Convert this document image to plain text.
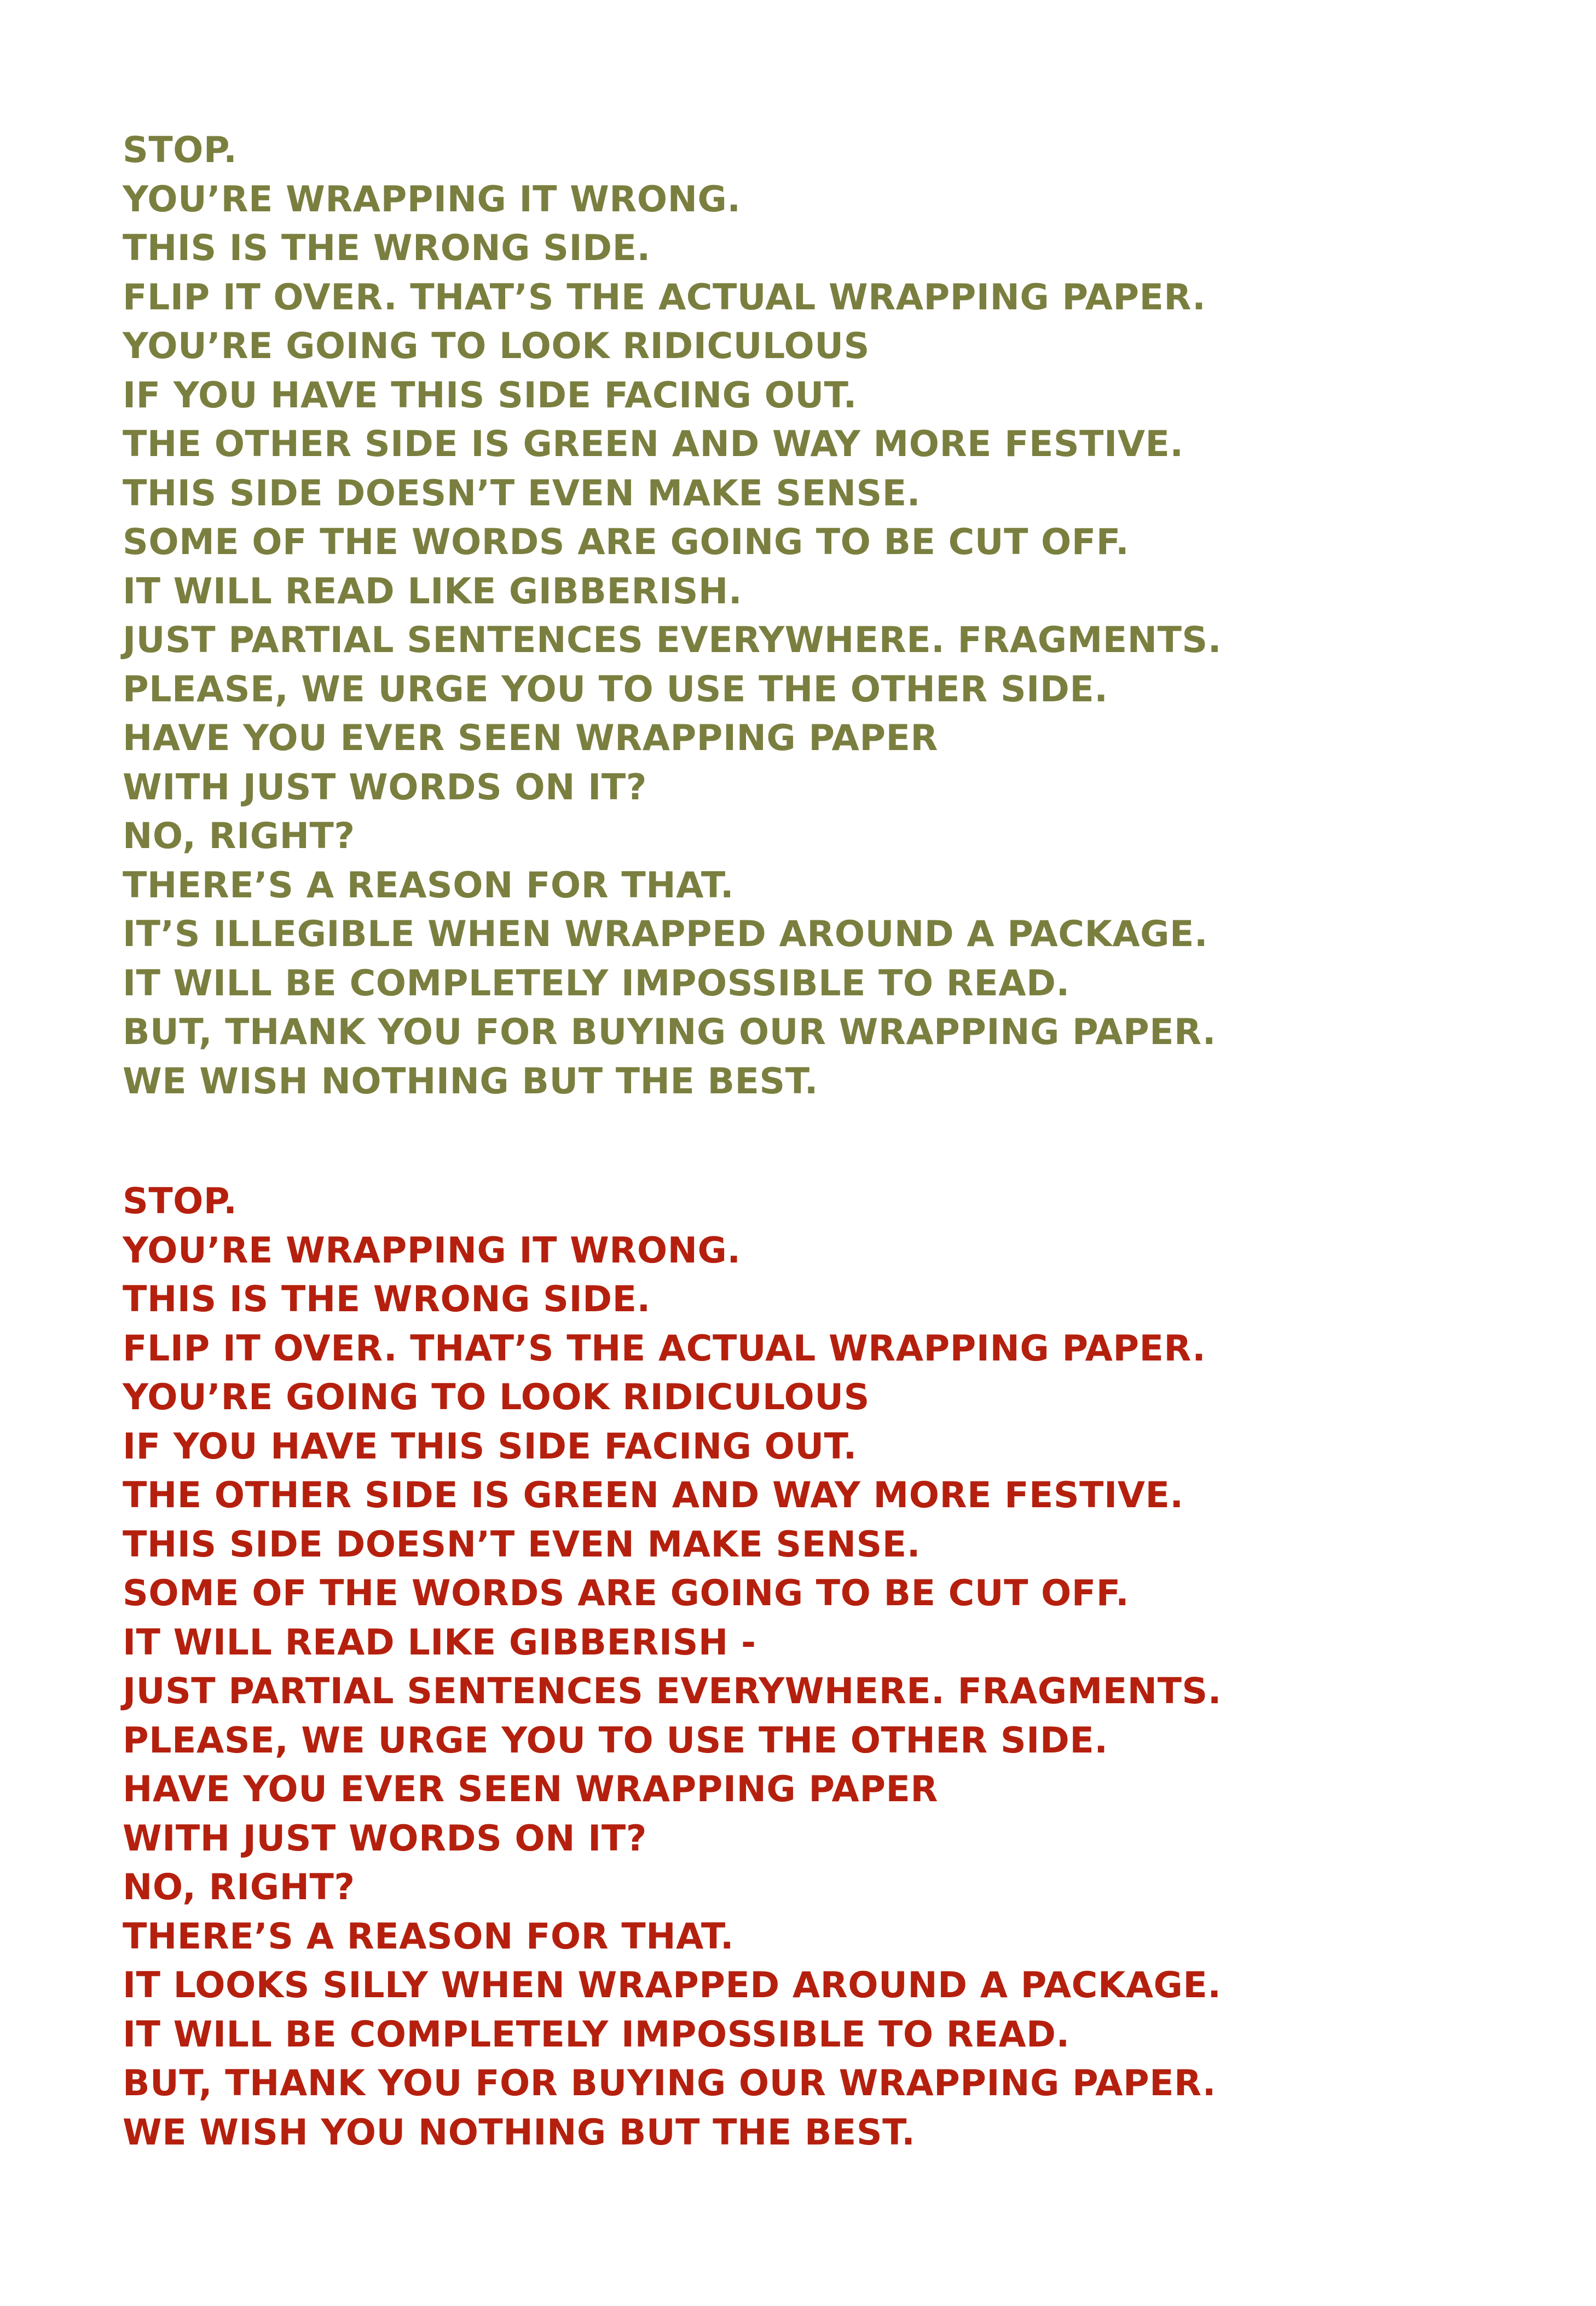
STOP.
YOU’RE WRAPPING IT WRONG.
THIS IS THE WRONG SIDE.
FLIP IT OVER. THAT’S THE ACTUAL WRAPPING PAPER.
YOU’RE GOING TO LOOK RIDICULOUS
IF YOU HAVE THIS SIDE FACING OUT.
THE OTHER SIDE IS GREEN AND WAY MORE FESTIVE.
THIS SIDE DOESN’T EVEN MAKE SENSE.
SOME OF THE WORDS ARE GOING TO BE CUT OFF.
IT WILL READ LIKE GIBBERISH.
JUST PARTIAL SENTENCES EVERYWHERE. FRAGMENTS.
PLEASE, WE URGE YOU TO USE THE OTHER SIDE.
HAVE YOU EVER SEEN WRAPPING PAPER
WITH JUST WORDS ON IT?
NO, RIGHT?
THERE’S A REASON FOR THAT.
IT’S ILLEGIBLE WHEN WRAPPED AROUND A PACKAGE.
IT WILL BE COMPLETELY IMPOSSIBLE TO READ.
BUT, THANK YOU FOR BUYING OUR WRAPPING PAPER.
WE WISH NOTHING BUT THE BEST.
STOP.
YOU’RE WRAPPING IT WRONG.
THIS IS THE WRONG SIDE.
FLIP IT OVER. THAT’S THE ACTUAL WRAPPING PAPER.
YOU’RE GOING TO LOOK RIDICULOUS
IF YOU HAVE THIS SIDE FACING OUT.
THE OTHER SIDE IS GREEN AND WAY MORE FESTIVE.
THIS SIDE DOESN’T EVEN MAKE SENSE.
SOME OF THE WORDS ARE GOING TO BE CUT OFF.
IT WILL READ LIKE GIBBERISH -
JUST PARTIAL SENTENCES EVERYWHERE. FRAGMENTS.
PLEASE, WE URGE YOU TO USE THE OTHER SIDE.
HAVE YOU EVER SEEN WRAPPING PAPER
WITH JUST WORDS ON IT?
NO, RIGHT?
THERE’S A REASON FOR THAT.
IT LOOKS SILLY WHEN WRAPPED AROUND A PACKAGE.
IT WILL BE COMPLETELY IMPOSSIBLE TO READ.
BUT, THANK YOU FOR BUYING OUR WRAPPING PAPER.
WE WISH YOU NOTHING BUT THE BEST.
